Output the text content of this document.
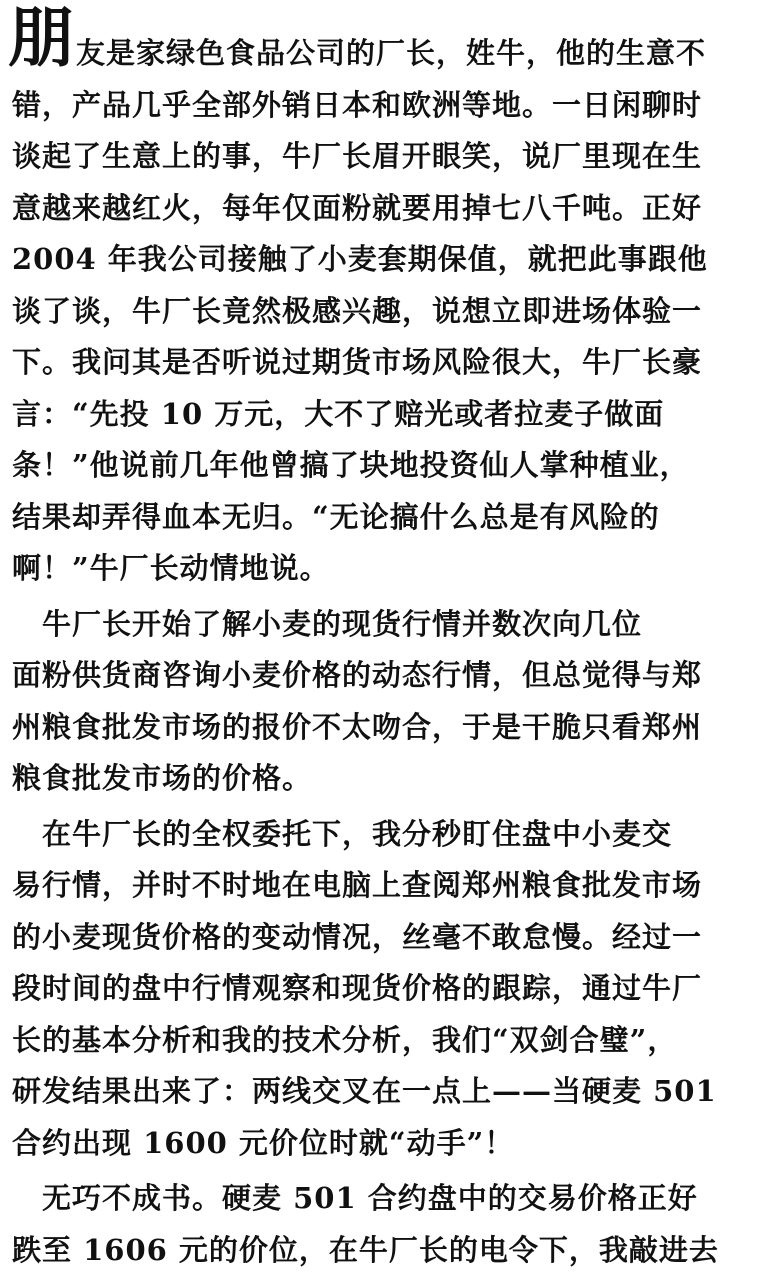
朋 友是家绿色食品公司的厂长，姓牛，他的生意不
错，产品几乎全部外销日本和欧洲等地。一日闲聊时
谈起了生意上的事，牛厂长眉开眼笑，说厂里现在生
意越来越红火，每年仅面粉就要用掉七八千吨。正好
2004 年我公司接触了小麦套期保值，就把此事跟他
谈了谈，牛厂长竟然极感兴趣，说想立即进场体验一
下。我问其是否听说过期货市场风险很大，牛厂长豪
言：“先投 10 万元，大不了赔光或者拉麦子做面
条！”他说前几年他曾搞了块地投资仙人掌种植业，
结果却弄得血本无归。“无论搞什么总是有风险的
啊！”牛厂长动情地说。
　牛厂长开始了解小麦的现货行情并数次向几位
面粉供货商咨询小麦价格的动态行情，但总觉得与郑
州粮食批发市场的报价不太吻合，于是干脆只看郑州
粮食批发市场的价格。
　在牛厂长的全权委托下，我分秒盯住盘中小麦交
易行情，并时不时地在电脑上查阅郑州粮食批发市场
的小麦现货价格的变动情况，丝毫不敢怠慢。经过一
段时间的盘中行情观察和现货价格的跟踪，通过牛厂
长的基本分析和我的技术分析，我们“双剑合璧”，
研发结果出来了：两线交叉在一点上——当硬麦 501
合约出现 1600 元价位时就“动手”！
　无巧不成书。硬麦 501 合约盘中的交易价格正好
跌至 1606 元的价位，在牛厂长的电令下，我敲进去
